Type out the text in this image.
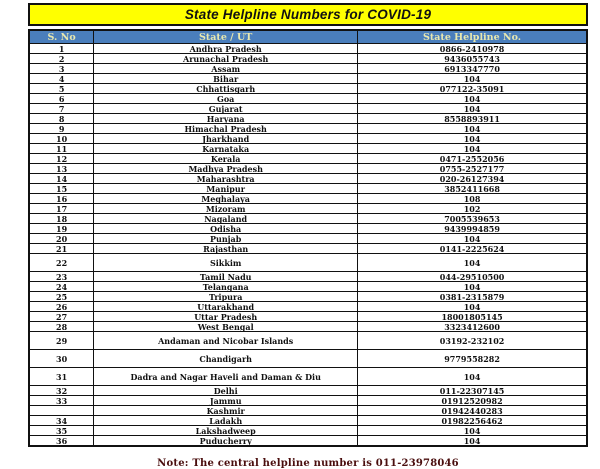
State Helpline Numbers for COVID-19
S. No	State / UT	State Helpline No.
1	Andhra Pradesh	0866-2410978
2	Arunachal Pradesh	9436055743
3	Assam	6913347770
4	Bihar	104
5	Chhattisgarh	077122-35091
6	Goa	104
7	Gujarat	104
8	Haryana	8558893911
9	Himachal Pradesh	104
10	Jharkhand	104
11	Karnataka	104
12	Kerala	0471-2552056
13	Madhya Pradesh	0755-2527177
14	Maharashtra	020-26127394
15	Manipur	3852411668
16	Meghalaya	108
17	Mizoram	102
18	Nagaland	7005539653
19	Odisha	9439994859
20	Punjab	104
21	Rajasthan	0141-2225624
22	Sikkim	104
23	Tamil Nadu	044-29510500
24	Telangana	104
25	Tripura	0381-2315879
26	Uttarakhand	104
27	Uttar Pradesh	18001805145
28	West Bengal	3323412600
29	Andaman and Nicobar Islands	03192-232102
30	Chandigarh	9779558282
31	Dadra and Nagar Haveli and Daman & Diu	104
32	Delhi	011-22307145
33	Jammu	01912520982
	Kashmir	01942440283
34	Ladakh	01982256462
35	Lakshadweep	104
36	Puducherry	104
Note: The central helpline number is 011-23978046
